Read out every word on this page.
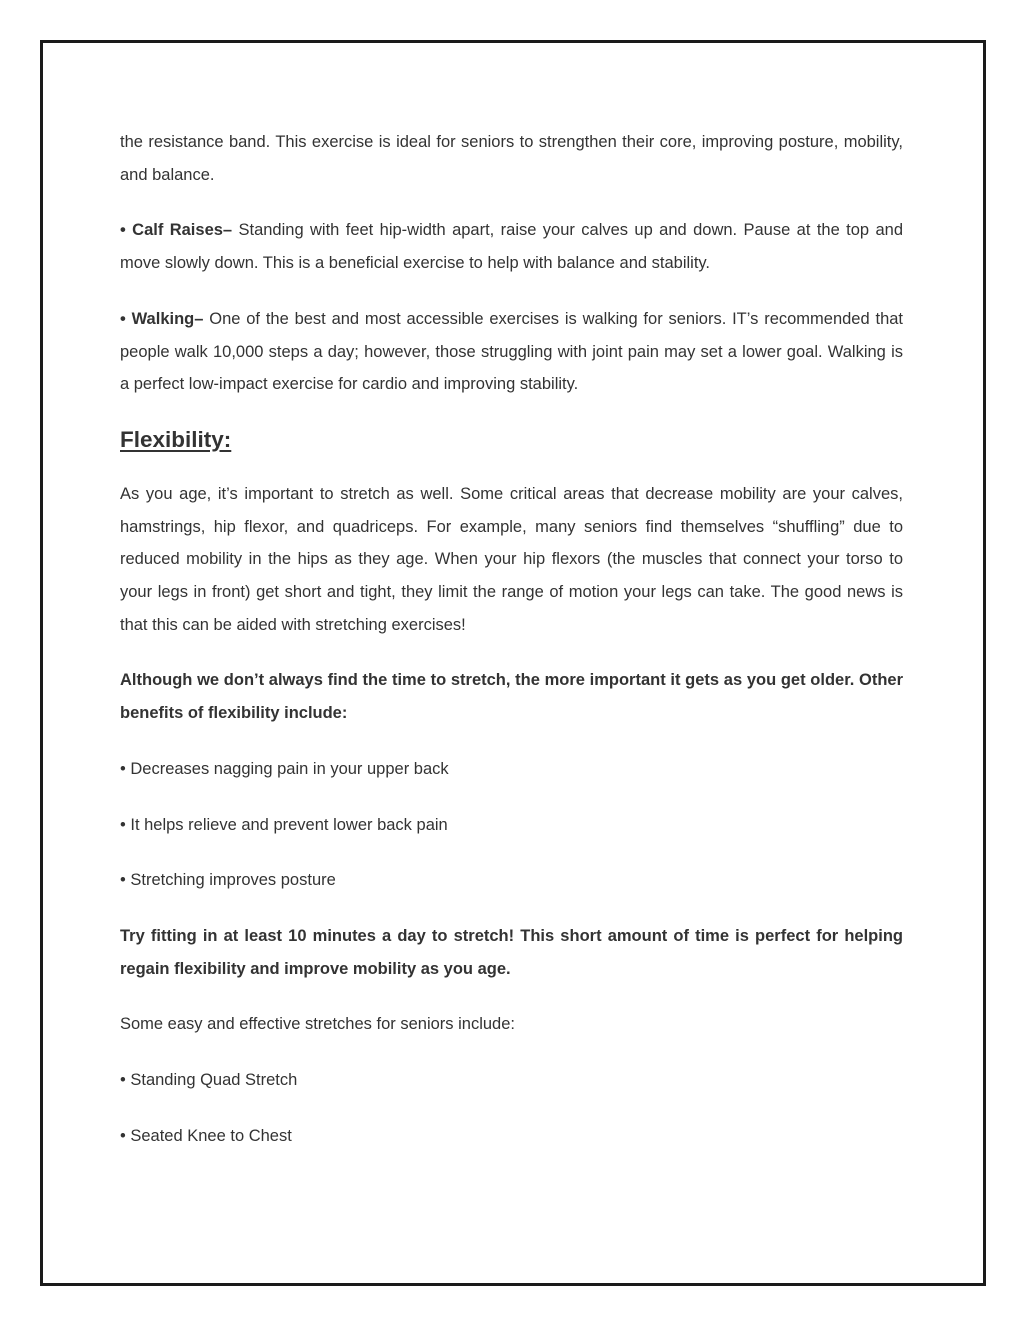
the resistance band. This exercise is ideal for seniors to strengthen their core, improving posture, mobility, and balance.

• Calf Raises– Standing with feet hip-width apart, raise your calves up and down. Pause at the top and move slowly down. This is a beneficial exercise to help with balance and stability.

• Walking– One of the best and most accessible exercises is walking for seniors. IT’s recommended that people walk 10,000 steps a day; however, those struggling with joint pain may set a lower goal. Walking is a perfect low-impact exercise for cardio and improving stability.

Flexibility:

As you age, it’s important to stretch as well. Some critical areas that decrease mobility are your calves, hamstrings, hip flexor, and quadriceps. For example, many seniors find themselves “shuffling” due to reduced mobility in the hips as they age. When your hip flexors (the muscles that connect your torso to your legs in front) get short and tight, they limit the range of motion your legs can take. The good news is that this can be aided with stretching exercises!

Although we don’t always find the time to stretch, the more important it gets as you get older. Other benefits of flexibility include:

• Decreases nagging pain in your upper back

• It helps relieve and prevent lower back pain

• Stretching improves posture

Try fitting in at least 10 minutes a day to stretch! This short amount of time is perfect for helping regain flexibility and improve mobility as you age.

Some easy and effective stretches for seniors include:

• Standing Quad Stretch

• Seated Knee to Chest
